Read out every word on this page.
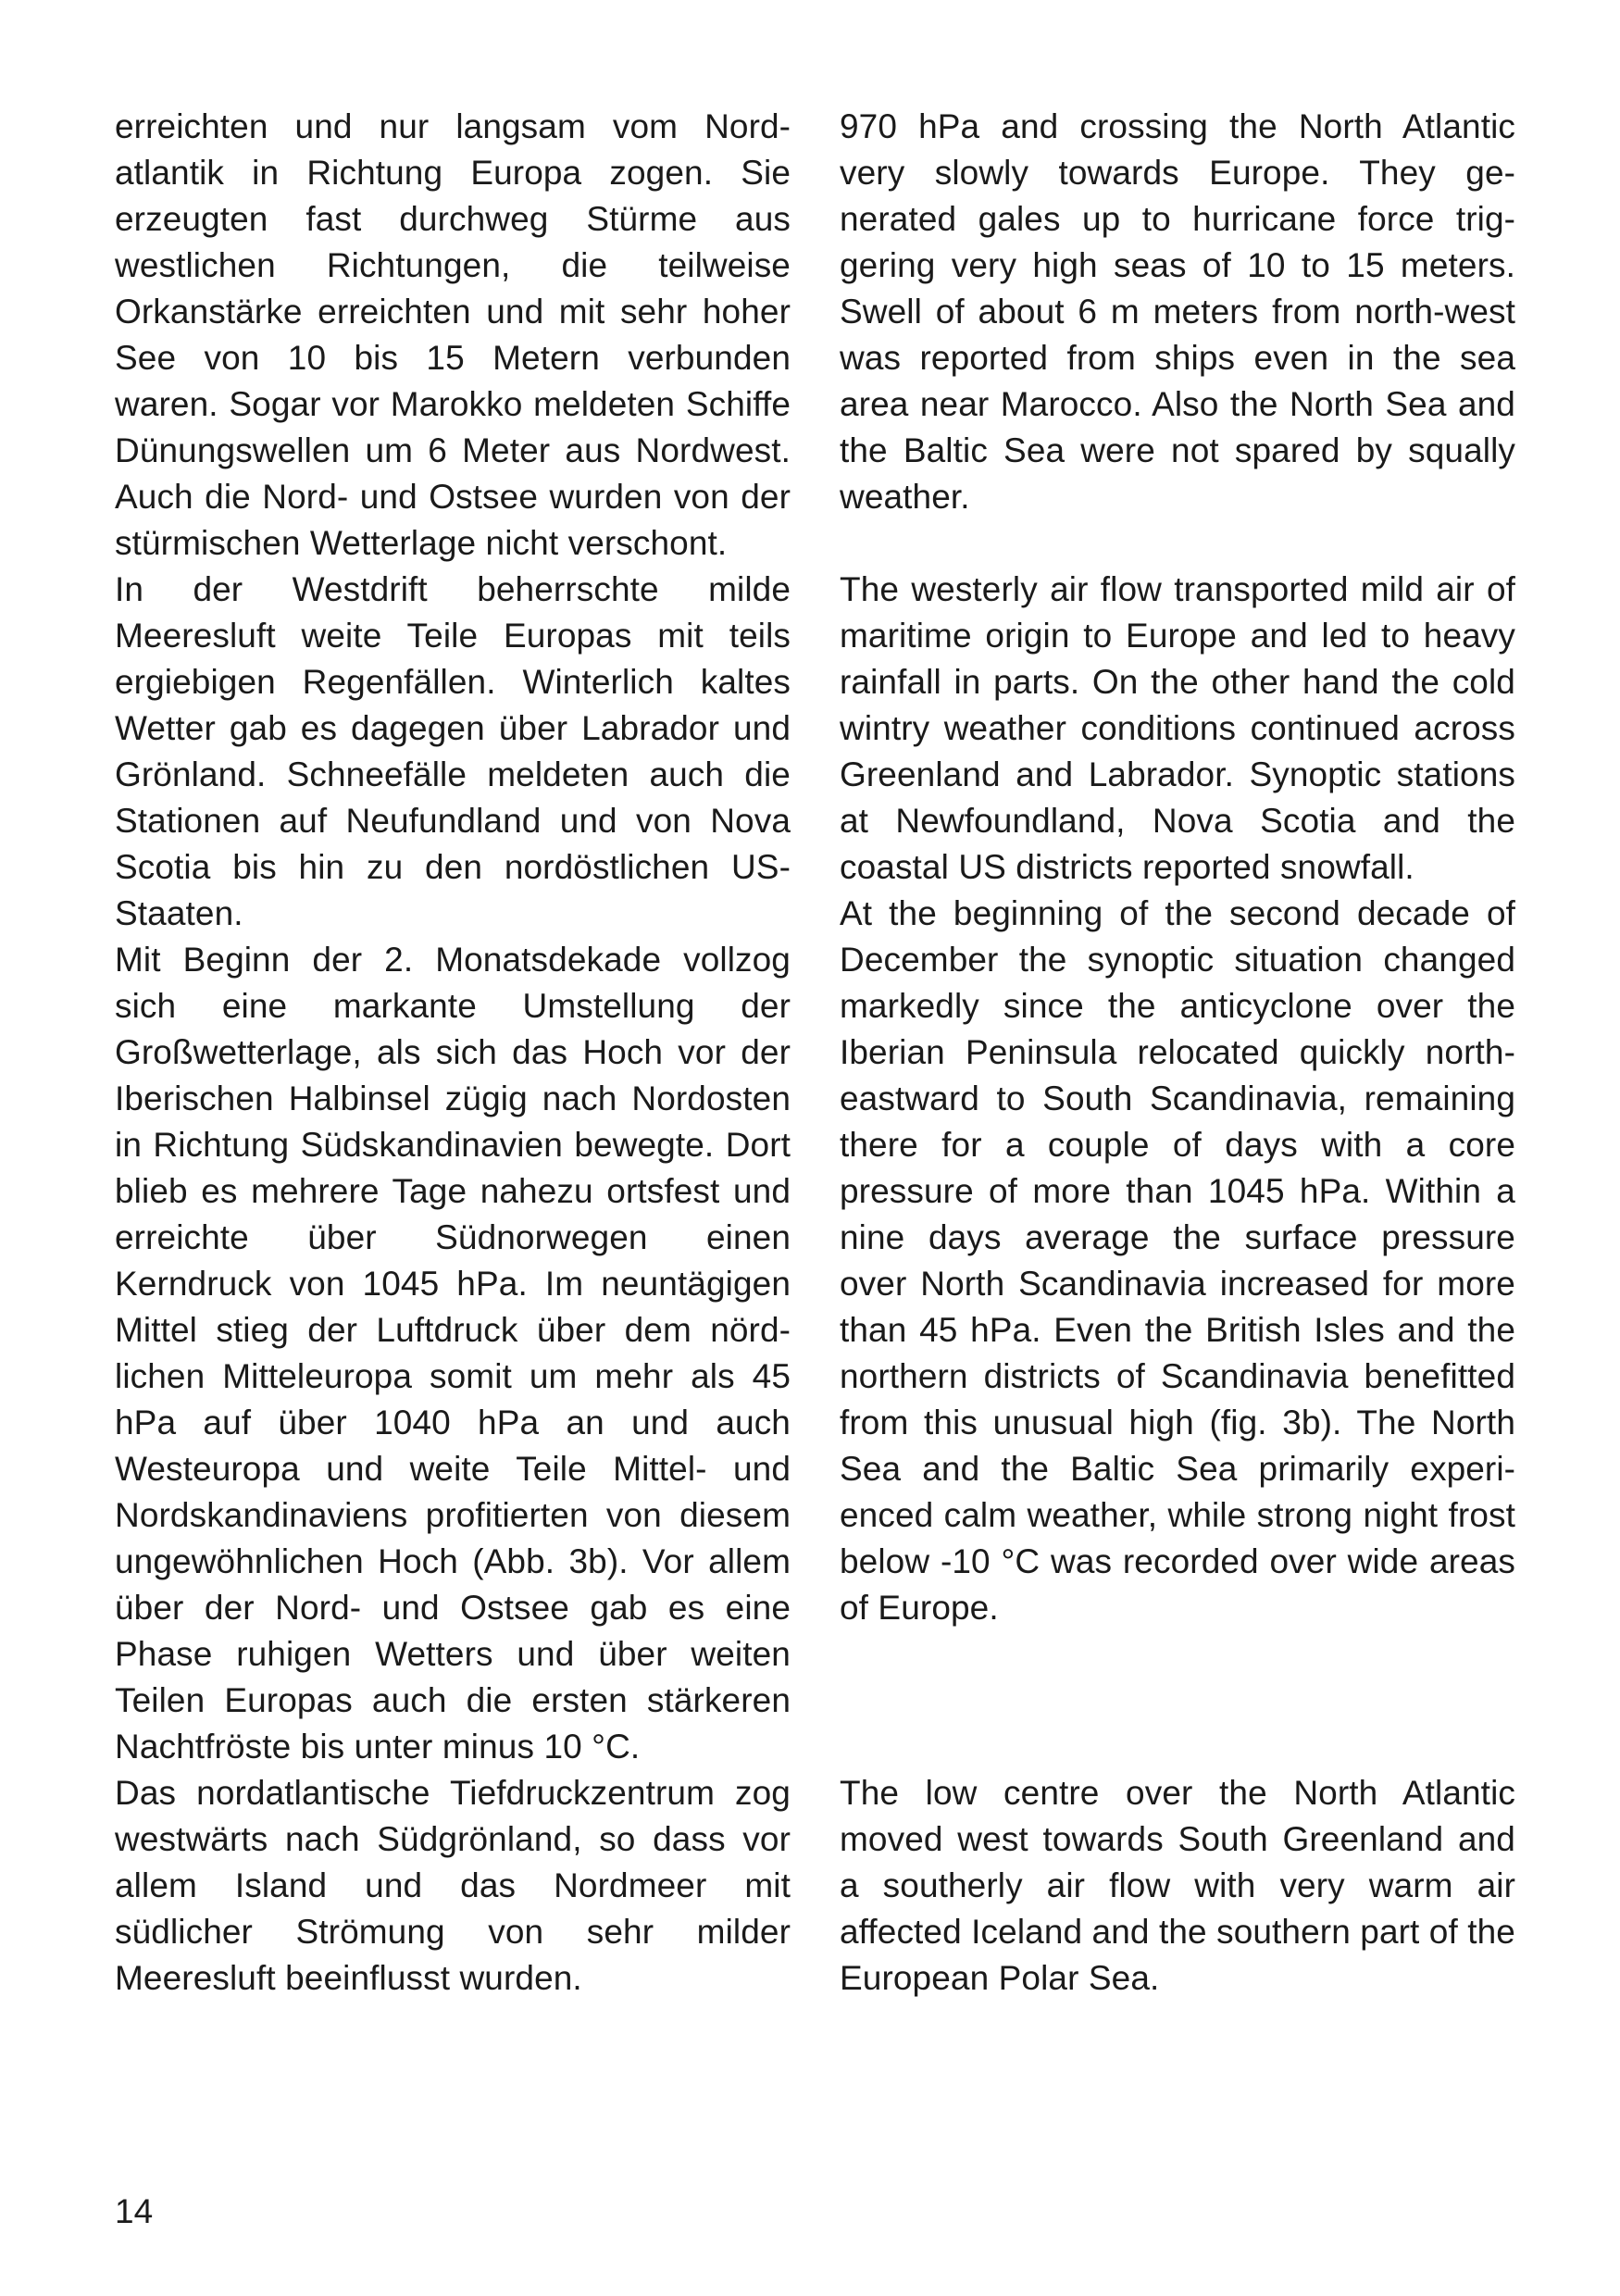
erreichten und nur langsam vom Nordatlantik in Richtung Europa zogen. Sie erzeugten fast durchweg Stürme aus westlichen Richtungen, die teilweise Orkanstärke erreichten und mit sehr hoher See von 10 bis 15 Metern verbunden waren. Sogar vor Marokko meldeten Schiffe Dünungswellen um 6 Meter aus Nordwest. Auch die Nord- und Ostsee wurden von der stürmischen Wetterlage nicht verschont.

In der Westdrift beherrschte milde Meeresluft weite Teile Europas mit teils ergiebigen Regenfällen. Winterlich kaltes Wetter gab es dagegen über Labrador und Grönland. Schneefälle meldeten auch die Stationen auf Neufundland und von Nova Scotia bis hin zu den nordöstlichen US-Staaten.

Mit Beginn der 2. Monatsdekade vollzog sich eine markante Umstellung der Großwetterlage, als sich das Hoch vor der Iberischen Halbinsel zügig nach Nordosten in Richtung Südskandinavien bewegte. Dort blieb es mehrere Tage nahezu ortsfest und erreichte über Südnorwegen einen Kerndruck von 1045 hPa. Im neuntägigen Mittel stieg der Luftdruck über dem nördlichen Mitteleuropa somit um mehr als 45 hPa auf über 1040 hPa an und auch Westeuropa und weite Teile Mittel- und Nordskandinaviens profitierten von diesem ungewöhnlichen Hoch (Abb. 3b). Vor allem über der Nord- und Ostsee gab es eine Phase ruhigen Wetters und über weiten Teilen Europas auch die ersten stärkeren Nachtfröste bis unter minus 10 °C.

Das nordatlantische Tiefdruckzentrum zog westwärts nach Südgrönland, so dass vor allem Island und das Nordmeer mit südlicher Strömung von sehr milder Meeresluft beeinflusst wurden.

970 hPa and crossing the North Atlantic very slowly towards Europe. They generated gales up to hurricane force triggering very high seas of 10 to 15 meters. Swell of about 6 m meters from north-west was reported from ships even in the sea area near Marocco. Also the North Sea and the Baltic Sea were not spared by squally weather.

The westerly air flow transported mild air of maritime origin to Europe and led to heavy rainfall in parts. On the other hand the cold wintry weather conditions continued across Greenland and Labrador. Synoptic stations at Newfoundland, Nova Scotia and the coastal US districts reported snowfall.

At the beginning of the second decade of December the synoptic situation changed markedly since the anticyclone over the Iberian Peninsula relocated quickly north-eastward to South Scandinavia, remaining there for a couple of days with a core pressure of more than 1045 hPa. Within a nine days average the surface pressure over North Scandinavia increased for more than 45 hPa. Even the British Isles and the northern districts of Scandinavia benefitted from this unusual high (fig. 3b). The North Sea and the Baltic Sea primarily experienced calm weather, while strong night frost below -10 °C was recorded over wide areas of Europe.

The low centre over the North Atlantic moved west towards South Greenland and a southerly air flow with very warm air affected Iceland and the southern part of the European Polar Sea.

14
